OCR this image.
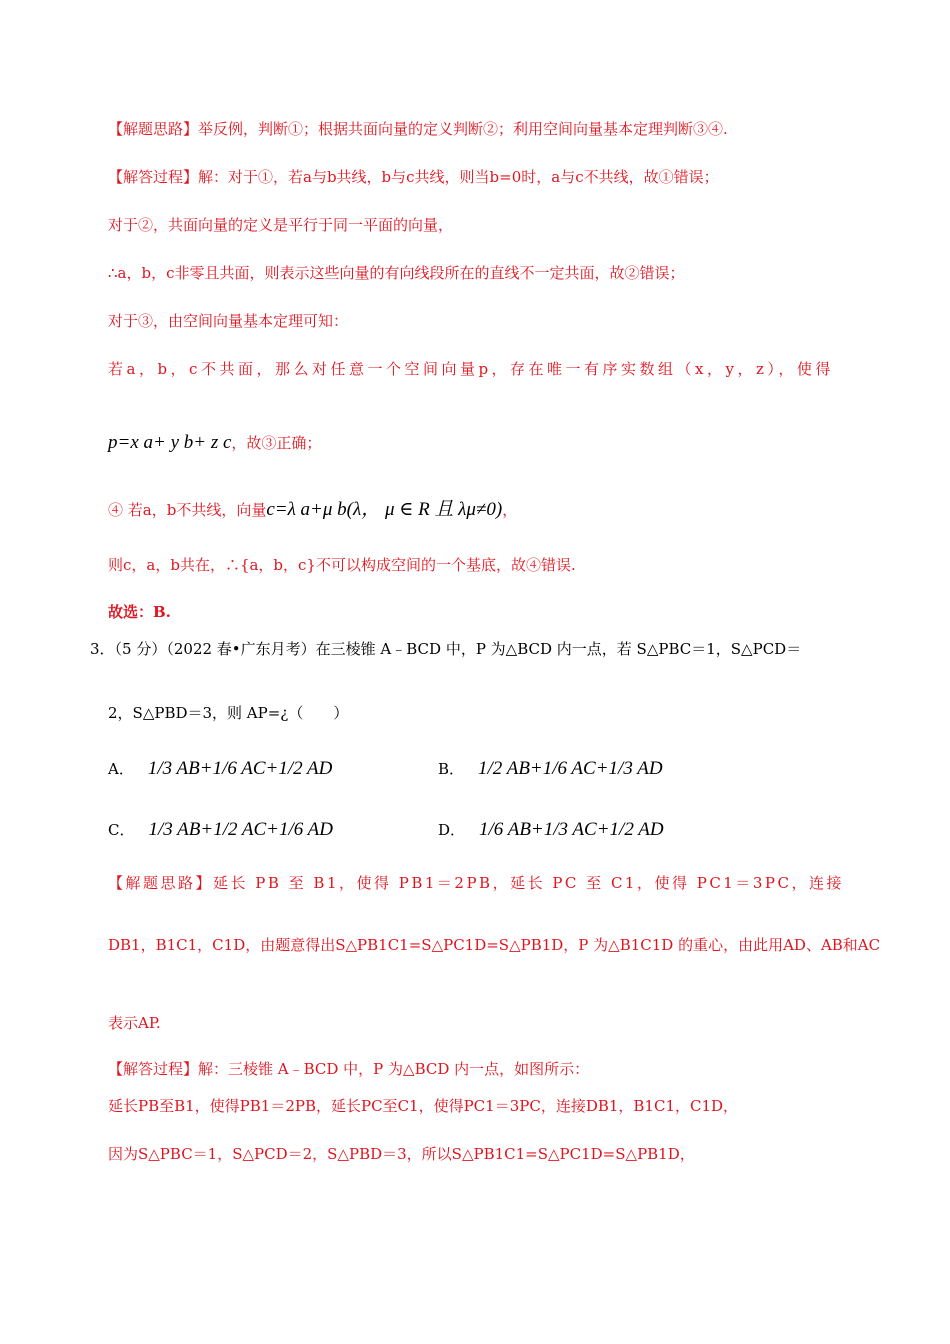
【解题思路】举反例，判断①；根据共面向量的定义判断②；利用空间向量基本定理判断③④.
【解答过程】解：对于①，若a与b共线，b与c共线，则当b=0时，a与c不共线，故①错误；
对于②，共面向量的定义是平行于同一平面的向量，
∴a，b，c非零且共面，则表示这些向量的有向线段所在的直线不一定共面，故②错误；
对于③，由空间向量基本定理可知：
若a，b，c不共面，那么对任意一个空间向量p，存在唯一有序实数组（x，y，z），使得
p=x a+ y b+ z c，故③正确；
④ 若a，b不共线，向量c=λ a+μ b(λ， μ ∈ R 且 λμ≠0)，
则c，a，b共在，∴{a，b，c}不可以构成空间的一个基底，故④错误.
故选：B.
3．（5 分）（2022 春•广东月考）在三棱锥 A﹣BCD 中，P 为△BCD 内一点，若 S△PBC＝1，S△PCD＝
2，S△PBD＝3，则 AP=¿（　　）
A． 1/3 AB+1/6 AC+1/2 AD	B． 1/2 AB+1/6 AC+1/3 AD
C． 1/3 AB+1/2 AC+1/6 AD	D． 1/6 AB+1/3 AC+1/2 AD
【解题思路】延长 PB 至 B1，使得 PB1＝2PB，延长 PC 至 C1，使得 PC1＝3PC，连接
DB1，B1C1，C1D，由题意得出S△PB1C1=S△PC1D=S△PB1D，P 为△B1C1D 的重心，由此用AD、AB和AC
表示AP.
【解答过程】解：三棱锥 A﹣BCD 中，P 为△BCD 内一点，如图所示：
延长PB至B1，使得PB1＝2PB，延长PC至C1，使得PC1＝3PC，连接DB1，B1C1，C1D，
因为S△PBC＝1，S△PCD＝2，S△PBD＝3，所以S△PB1C1=S△PC1D=S△PB1D，
